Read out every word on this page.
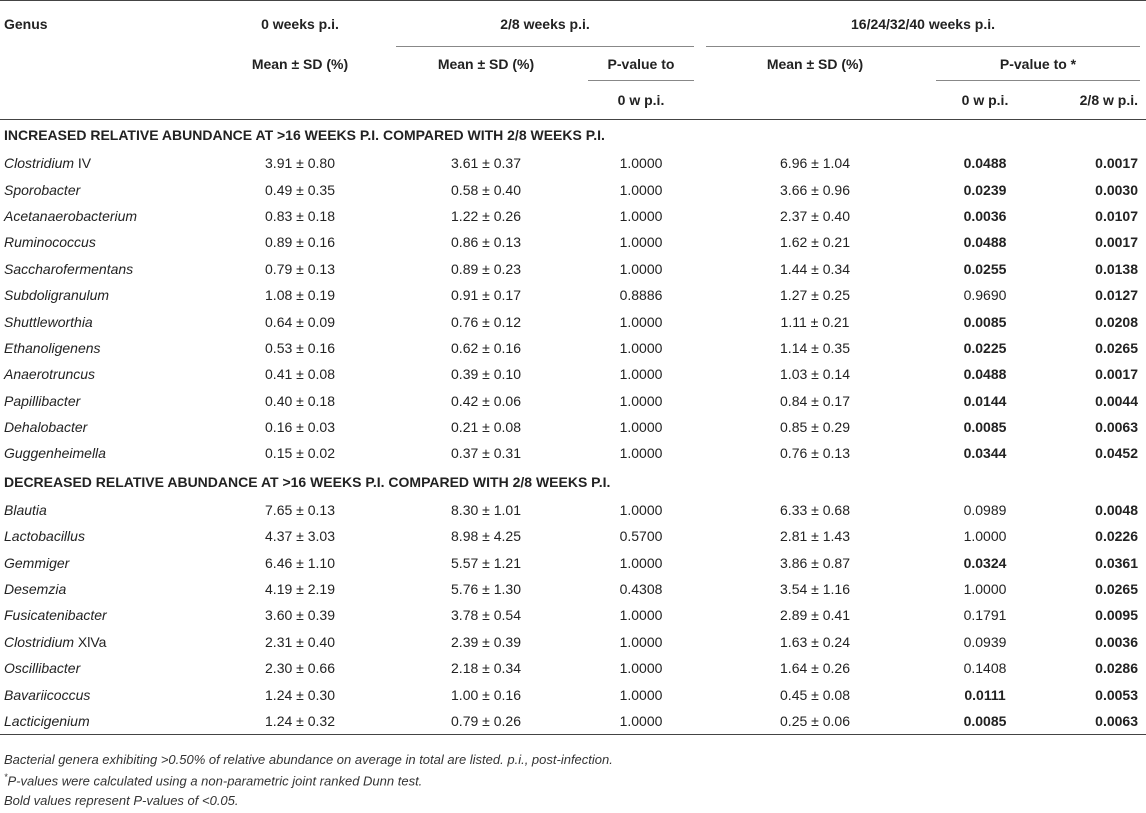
Genus	0 weeks p.i.	2/8 weeks p.i.		16/24/32/40 weeks p.i.		
	Mean ± SD (%)	Mean ± SD (%)	P-value to	Mean ± SD (%)	P-value to *	
			0 w p.i.		0 w p.i.	2/8 w p.i.
INCREASED RELATIVE ABUNDANCE AT >16 WEEKS P.I. COMPARED WITH 2/8 WEEKS P.I.						
Clostridium IV	3.91 ± 0.80	3.61 ± 0.37	1.0000	6.96 ± 1.04	0.0488	0.0017
Sporobacter	0.49 ± 0.35	0.58 ± 0.40	1.0000	3.66 ± 0.96	0.0239	0.0030
Acetanaerobacterium	0.83 ± 0.18	1.22 ± 0.26	1.0000	2.37 ± 0.40	0.0036	0.0107
Ruminococcus	0.89 ± 0.16	0.86 ± 0.13	1.0000	1.62 ± 0.21	0.0488	0.0017
Saccharofermentans	0.79 ± 0.13	0.89 ± 0.23	1.0000	1.44 ± 0.34	0.0255	0.0138
Subdoligranulum	1.08 ± 0.19	0.91 ± 0.17	0.8886	1.27 ± 0.25	0.9690	0.0127
Shuttleworthia	0.64 ± 0.09	0.76 ± 0.12	1.0000	1.11 ± 0.21	0.0085	0.0208
Ethanoligenens	0.53 ± 0.16	0.62 ± 0.16	1.0000	1.14 ± 0.35	0.0225	0.0265
Anaerotruncus	0.41 ± 0.08	0.39 ± 0.10	1.0000	1.03 ± 0.14	0.0488	0.0017
Papillibacter	0.40 ± 0.18	0.42 ± 0.06	1.0000	0.84 ± 0.17	0.0144	0.0044
Dehalobacter	0.16 ± 0.03	0.21 ± 0.08	1.0000	0.85 ± 0.29	0.0085	0.0063
Guggenheimella	0.15 ± 0.02	0.37 ± 0.31	1.0000	0.76 ± 0.13	0.0344	0.0452
DECREASED RELATIVE ABUNDANCE AT >16 WEEKS P.I. COMPARED WITH 2/8 WEEKS P.I.						
Blautia	7.65 ± 0.13	8.30 ± 1.01	1.0000	6.33 ± 0.68	0.0989	0.0048
Lactobacillus	4.37 ± 3.03	8.98 ± 4.25	0.5700	2.81 ± 1.43	1.0000	0.0226
Gemmiger	6.46 ± 1.10	5.57 ± 1.21	1.0000	3.86 ± 0.87	0.0324	0.0361
Desemzia	4.19 ± 2.19	5.76 ± 1.30	0.4308	3.54 ± 1.16	1.0000	0.0265
Fusicatenibacter	3.60 ± 0.39	3.78 ± 0.54	1.0000	2.89 ± 0.41	0.1791	0.0095
Clostridium XlVa	2.31 ± 0.40	2.39 ± 0.39	1.0000	1.63 ± 0.24	0.0939	0.0036
Oscillibacter	2.30 ± 0.66	2.18 ± 0.34	1.0000	1.64 ± 0.26	0.1408	0.0286
Bavariicoccus	1.24 ± 0.30	1.00 ± 0.16	1.0000	0.45 ± 0.08	0.0111	0.0053
Lacticigenium	1.24 ± 0.32	0.79 ± 0.26	1.0000	0.25 ± 0.06	0.0085	0.0063
Bacterial genera exhibiting >0.50% of relative abundance on average in total are listed. p.i., post-infection.
*P-values were calculated using a non-parametric joint ranked Dunn test.
Bold values represent P-values of <0.05.
